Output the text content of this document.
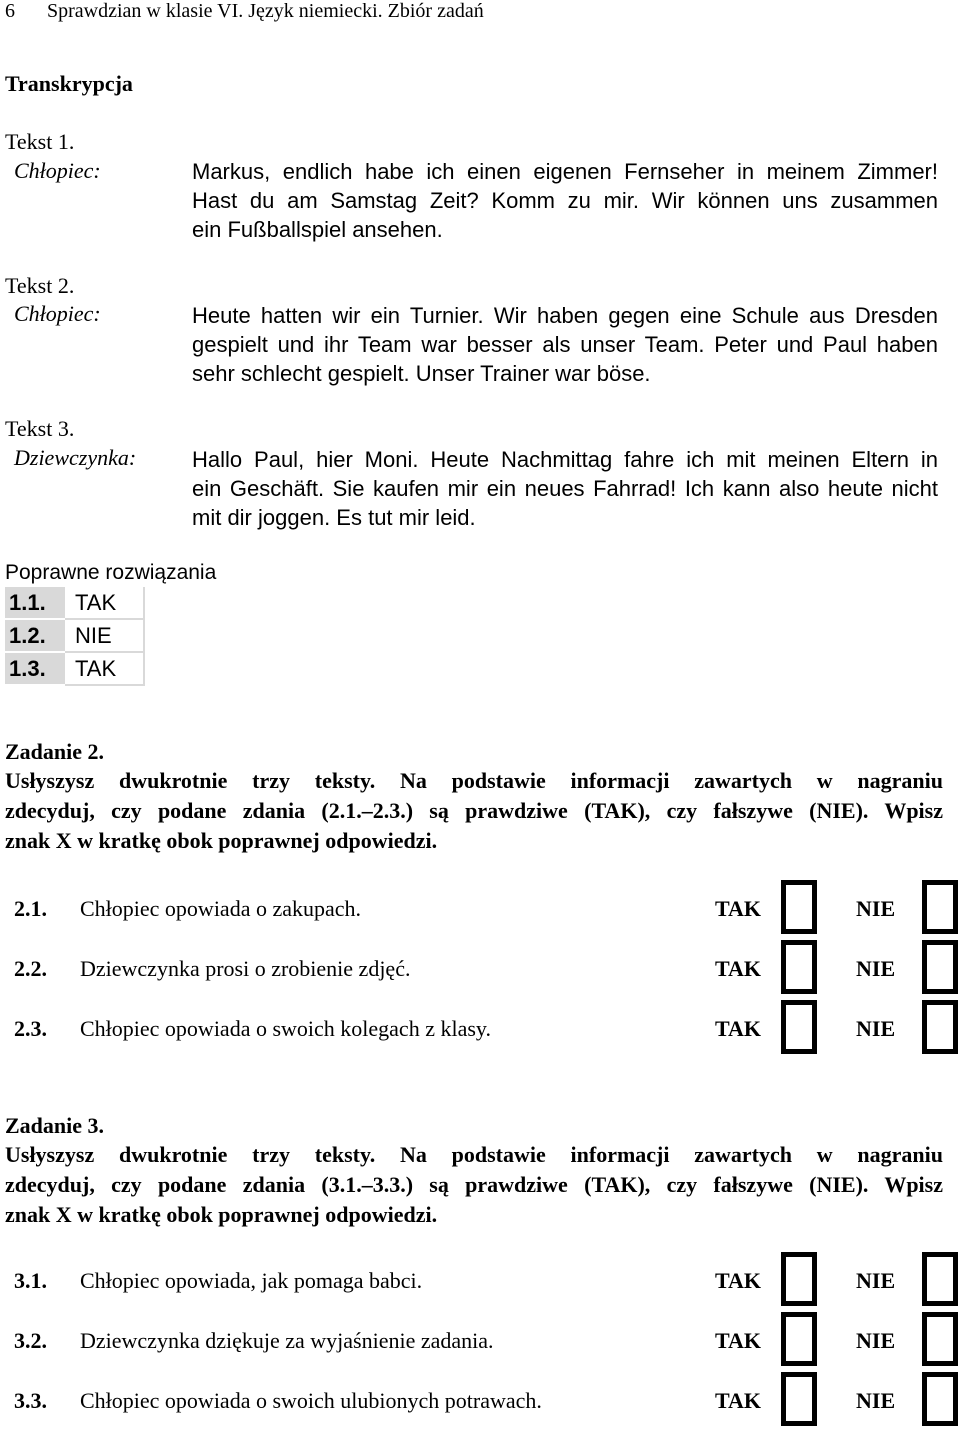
6 Sprawdzian w klasie VI. Język niemiecki. Zbiór zadań
Transkrypcja
Tekst 1.
Chłopiec:	Markus, endlich habe ich einen eigenen Fernseher in meinem Zimmer!
Hast du am Samstag Zeit? Komm zu mir. Wir können uns zusammen
ein Fußballspiel ansehen.
Tekst 2.
Chłopiec:	Heute hatten wir ein Turnier. Wir haben gegen eine Schule aus Dresden
gespielt und ihr Team war besser als unser Team. Peter und Paul haben
sehr schlecht gespielt. Unser Trainer war böse.
Tekst 3.
Dziewczynka:	Hallo Paul, hier Moni. Heute Nachmittag fahre ich mit meinen Eltern in
ein Geschäft. Sie kaufen mir ein neues Fahrrad! Ich kann also heute nicht
mit dir joggen. Es tut mir leid.
Poprawne rozwiązania
1.1.	TAK
1.2.	NIE
1.3.	TAK
Zadanie 2.
Usłyszysz dwukrotnie trzy teksty. Na podstawie informacji zawartych w nagraniu
zdecyduj, czy podane zdania (2.1.–2.3.) są prawdziwe (TAK), czy fałszywe (NIE). Wpisz
znak X w kratkę obok poprawnej odpowiedzi.
2.1. Chłopiec opowiada o zakupach.	TAK	NIE
2.2. Dziewczynka prosi o zrobienie zdjęć.	TAK	NIE
2.3. Chłopiec opowiada o swoich kolegach z klasy.	TAK	NIE
Zadanie 3.
Usłyszysz dwukrotnie trzy teksty. Na podstawie informacji zawartych w nagraniu
zdecyduj, czy podane zdania (3.1.–3.3.) są prawdziwe (TAK), czy fałszywe (NIE). Wpisz
znak X w kratkę obok poprawnej odpowiedzi.
3.1. Chłopiec opowiada, jak pomaga babci.	TAK	NIE
3.2. Dziewczynka dziękuje za wyjaśnienie zadania.	TAK	NIE
3.3. Chłopiec opowiada o swoich ulubionych potrawach.	TAK	NIE
